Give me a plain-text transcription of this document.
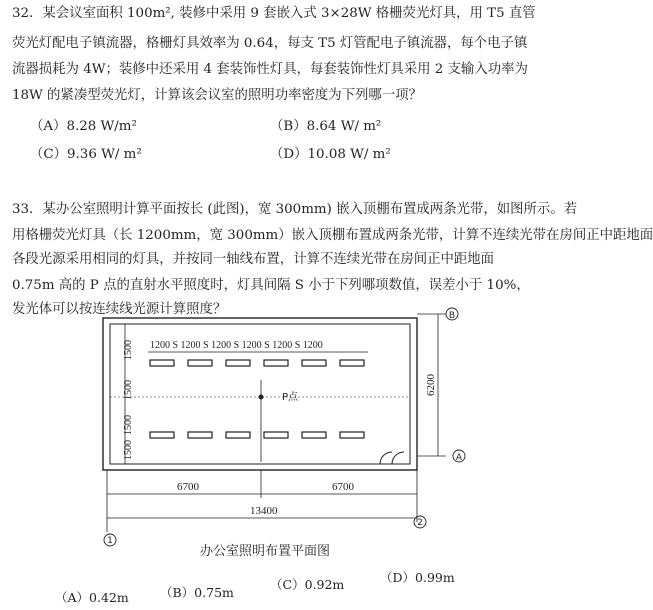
32．某会议室面积 100m², 装修中采用 9 套嵌入式 3×28W 格栅荧光灯具，用 T5 直管
荧光灯配电子镇流器，格栅灯具效率为 0.64，每支 T5 灯管配电子镇流器，每个电子镇
流器损耗为 4W；装修中还采用 4 套装饰性灯具，每套装饰性灯具采用 2 支输入功率为
18W 的紧凑型荧光灯，计算该会议室的照明功率密度为下列哪一项？
（A）8.28 W/m²	（B）8.64 W/ m²
（C）9.36 W/ m²	（D）10.08 W/ m²
33．某办公室照明计算平面按长 (此图)，宽 300mm) 嵌入顶棚布置成两条光带，如图所示。若
用格栅荧光灯具（长 1200mm，宽 300mm）嵌入顶棚布置成两条光带，计算不连续光带在房间正中距地面
各段光源采用相同的灯具，并按同一轴线布置，计算不连续光带在房间正中距地面
0.75m 高的 P 点的直射水平照度时，灯具间隔 S 小于下列哪项数值，误差小于 10%，
发光体可以按连续线光源计算照度？
1200 S 1200 S 1200 S 1200 S 1200 S 1200
1500
1500
1500
1500
P点
6200
B
A
6700	6700
13400
1
2
办公室照明布置平面图
（A）0.42m	（B）0.75m
（C）0.92m	（D）0.99m
